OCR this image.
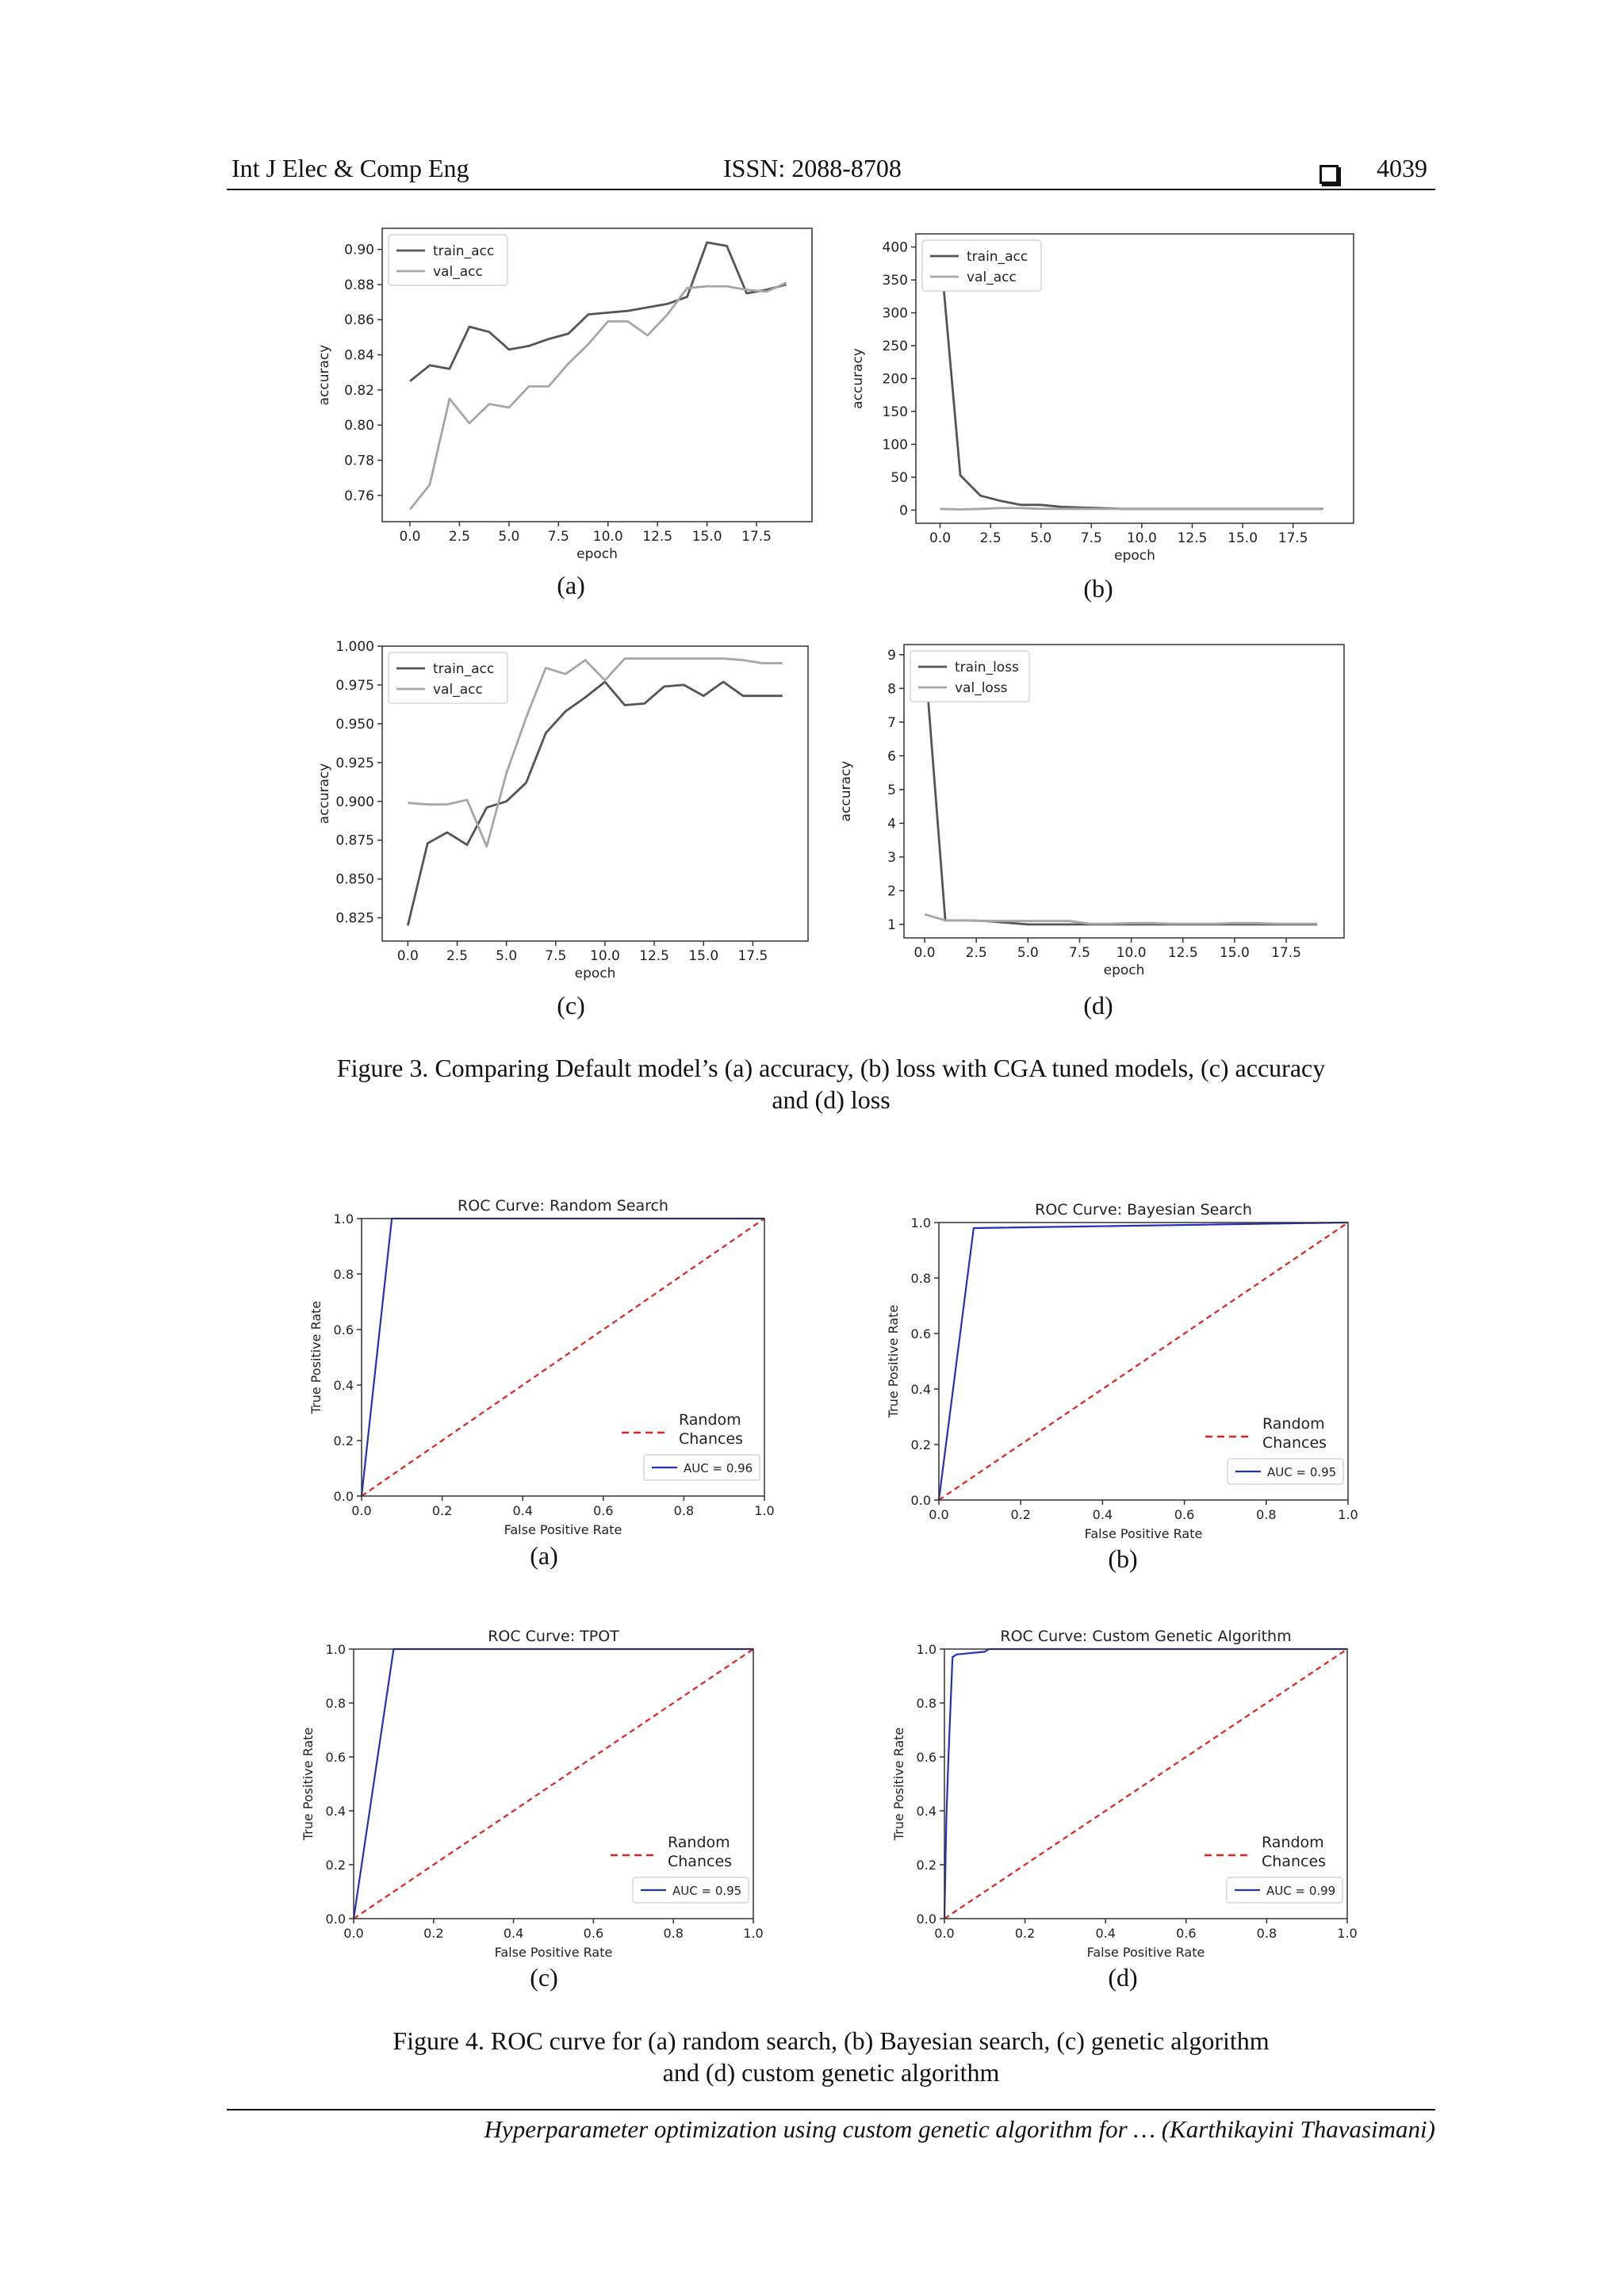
Int J Elec & Comp Eng	ISSN: 2088-8708	4039
0.0 2.5 5.0 7.5 10.0 12.5 15.0 17.5
0.76
0.78
0.80
0.82
0.84
0.86
0.88
0.90
epoch
accuracy
train_acc
val_acc
0.0 2.5 5.0 7.5 10.0 12.5 15.0 17.5
0
50
100
150
200
250
300
350
400
epoch
accuracy
train_acc
val_acc
0.0 2.5 5.0 7.5 10.0 12.5 15.0 17.5
0.825
0.850
0.875
0.900
0.925
0.950
0.975
1.000
epoch
accuracy
train_acc
val_acc
0.0 2.5 5.0 7.5 10.0 12.5 15.0 17.5
1
2
3
4
5
6
7
8
9
epoch
accuracy
train_loss
val_loss
(a)	(b)
(c)	(d)
Figure 3. Comparing Default model’s (a) accuracy, (b) loss with CGA tuned models, (c) accuracy
and (d) loss
ROC Curve: Random Search
0.0	0.2	0.4	0.6	0.8	1.0
0.0
0.2
0.4
0.6
0.8
1.0
False Positive Rate
True Positive Rate
Random
Chances
AUC = 0.96
ROC Curve: Bayesian Search
0.0	0.2	0.4	0.6	0.8	1.0
0.0
0.2
0.4
0.6
0.8
1.0
False Positive Rate
True Positive Rate
Random
Chances
AUC = 0.95
ROC Curve: TPOT
0.0	0.2	0.4	0.6	0.8	1.0
0.0
0.2
0.4
0.6
0.8
1.0
False Positive Rate
True Positive Rate
Random
Chances
AUC = 0.95
ROC Curve: Custom Genetic Algorithm
0.0	0.2	0.4	0.6	0.8	1.0
0.0
0.2
0.4
0.6
0.8
1.0
False Positive Rate
True Positive Rate
Random
Chances
AUC = 0.99
(a)	(b)
(c)	(d)
Figure 4. ROC curve for (a) random search, (b) Bayesian search, (c) genetic algorithm
and (d) custom genetic algorithm
Hyperparameter optimization using custom genetic algorithm for … (Karthikayini Thavasimani)
